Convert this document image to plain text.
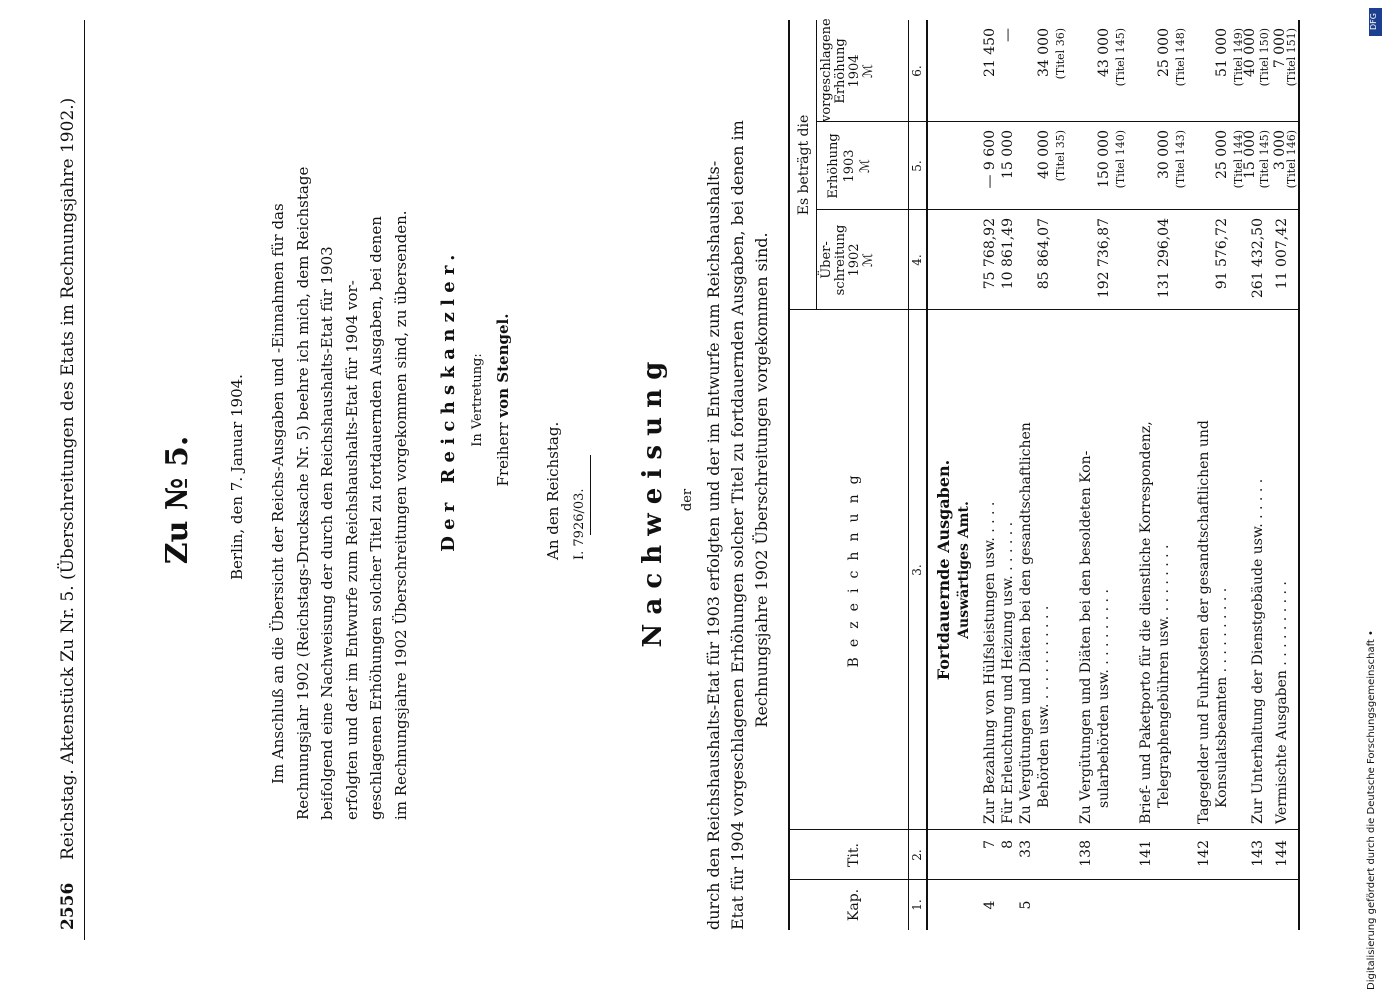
2556
Reichstag. Aktenstück Zu Nr. 5. (Überschreitungen des Etats im Rechnungsjahre 1902.)	Zu № 5. Berlin, den 7. Januar 1904. Im Anschluß an die Übersicht der Reichs-Ausgaben und -Einnahmen für das Rechnungsjahr 1902 (Reichstags-Drucksache Nr. 5) beehre ich mich, dem Reichstage beifolgend eine Nachweisung der durch den Reichshaushalts-Etat für 1903 erfolgten und der im Entwurfe zum Reichshaushalts-Etat für 1904 vor- geschlagenen Erhöhungen solcher Titel zu fortdauernden Ausgaben, bei denen im Rechnungsjahre 1902 Überschreitungen vorgekommen sind, zu übersenden. Der Reichskanzler. In Vertretung:
Freiherr von Stengel.
An den Reichstag. I. 7926/03. Nachweisung der durch den Reichshaushalts-Etat für 1903 erfolgten und der im Entwurfe zum Reichshaushalts- Etat für 1904 vorgeschlagenen Erhöhungen solcher Titel zu fortdauernden Ausgaben, bei denen im Rechnungsjahre 1902 Überschreitungen vorgekommen sind.
Kap.
Tit.
B e z e i c h n u n g
Es beträgt die
Über- schreitung 1902 ℳ
Erhöhung 1903 ℳ
vorgeschlagene Erhöhung 1904 ℳ
1.
2.
3.
4.
5.
6.
Fortdauernde Ausgaben. Auswärtiges Amt.
4
7
Zur Bezahlung von Hülfsleistungen usw. . . . .
75 768,92
— 9 600
21 450
8
Für Erleuchtung und Heizung usw. . . . . . .
10 861,49
15 000
—
5
33
Zu Vergütungen und Diäten bei den gesandtschaftlichen Behörden usw. . . . . . . . . . . .
85 864,07
40 000 (Titel 35)
34 000 (Titel 36)
138
Zu Vergütungen und Diäten bei den besoldeten Kon- sularbehörden usw. . . . . . . . . .
192 736,87
150 000 (Titel 140)
43 000 (Titel 145)
141
Brief- und Paketporto für die dienstliche Korrespondenz, Telegraphengebühren usw. . . . . . . . .
131 296,04
30 000 (Titel 143)
25 000 (Titel 148)
142
Tagegelder und Fuhrkosten der gesandtschaftlichen und Konsulatsbeamten . . . . . . . . . .
91 576,72
25 000 (Titel 144)
51 000 (Titel 149)
143
Zur Unterhaltung der Dienstgebäude usw. . . . . .
261 432,50
15 000 (Titel 145)
40 000 (Titel 150)
144
Vermischte Ausgaben . . . . . . . . . .
11 007,42
3 000
(Titel 146)
7 000
(Titel 151)
DFG
Digitalisierung gefördert durch die Deutsche Forschungsgemeinschaft •
